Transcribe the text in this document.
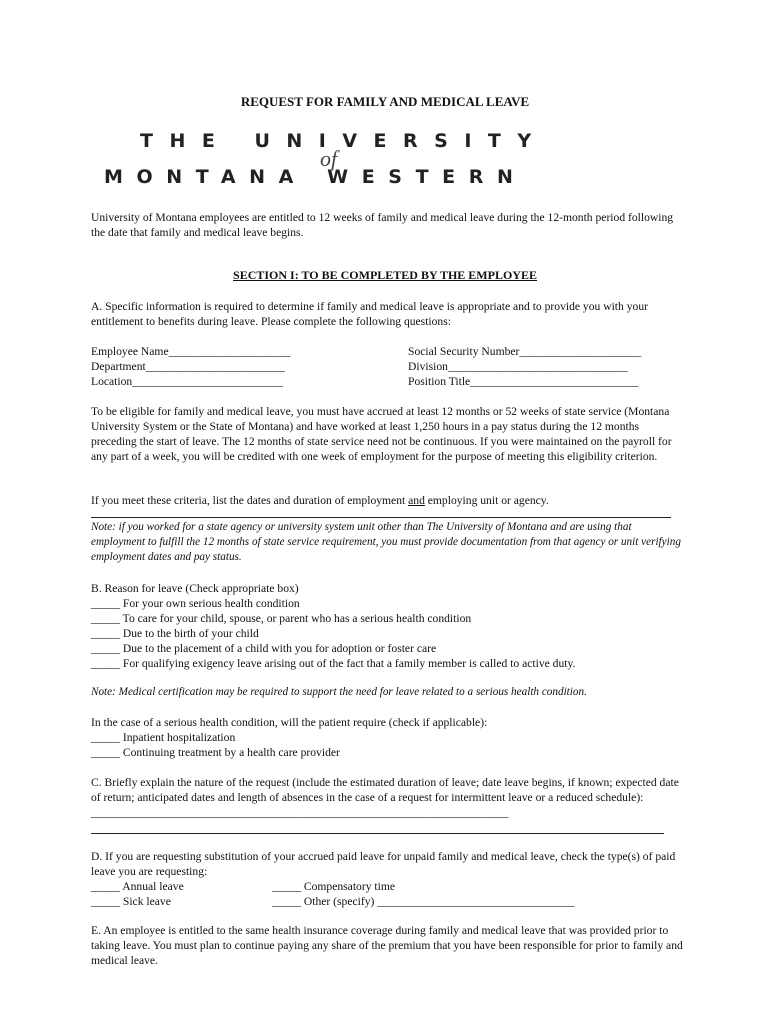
REQUEST FOR FAMILY AND MEDICAL LEAVE
THE UNIVERSITY
of
MONTANA WESTERN
University of Montana employees are entitled to 12 weeks of family and medical leave during the 12-month period following the date that family and medical leave begins.
SECTION I: TO BE COMPLETED BY THE EMPLOYEE
A. Specific information is required to determine if family and medical leave is appropriate and to provide you with your entitlement to benefits during leave. Please complete the following questions:
Employee Name_____________________
Department________________________
Location__________________________
Social Security Number_____________________
Division_______________________________
Position Title_____________________________
To be eligible for family and medical leave, you must have accrued at least 12 months or 52 weeks of state service (Montana University System or the State of Montana) and have worked at least 1,250 hours in a pay status during the 12 months preceding the start of leave. The 12 months of state service need not be continuous. If you were maintained on the payroll for any part of a week, you will be credited with one week of employment for the purpose of meeting this eligibility criterion.
If you meet these criteria, list the dates and duration of employment and employing unit or agency.
Note: if you worked for a state agency or university system unit other than The University of Montana and are using that employment to fulfill the 12 months of state service requirement, you must provide documentation from that agency or unit verifying employment dates and pay status.
B. Reason for leave (Check appropriate box)
_____ For your own serious health condition
_____ To care for your child, spouse, or parent who has a serious health condition
_____ Due to the birth of your child
_____ Due to the placement of a child with you for adoption or foster care
_____ For qualifying exigency leave arising out of the fact that a family member is called to active duty.
Note: Medical certification may be required to support the need for leave related to a serious health condition.
In the case of a serious health condition, will the patient require (check if applicable):
_____ Inpatient hospitalization
_____ Continuing treatment by a health care provider
C. Briefly explain the nature of the request (include the estimated duration of leave; date leave begins, if known; expected date of return; anticipated dates and length of absences in the case of a request for intermittent leave or a reduced schedule): ________________________________________________________________________
D. If you are requesting substitution of your accrued paid leave for unpaid family and medical leave, check the type(s) of paid leave you are requesting:
_____ Annual leave
_____ Sick leave
_____ Compensatory time
_____ Other (specify) __________________________________
E. An employee is entitled to the same health insurance coverage during family and medical leave that was provided prior to taking leave. You must plan to continue paying any share of the premium that you have been responsible for prior to family and medical leave.
